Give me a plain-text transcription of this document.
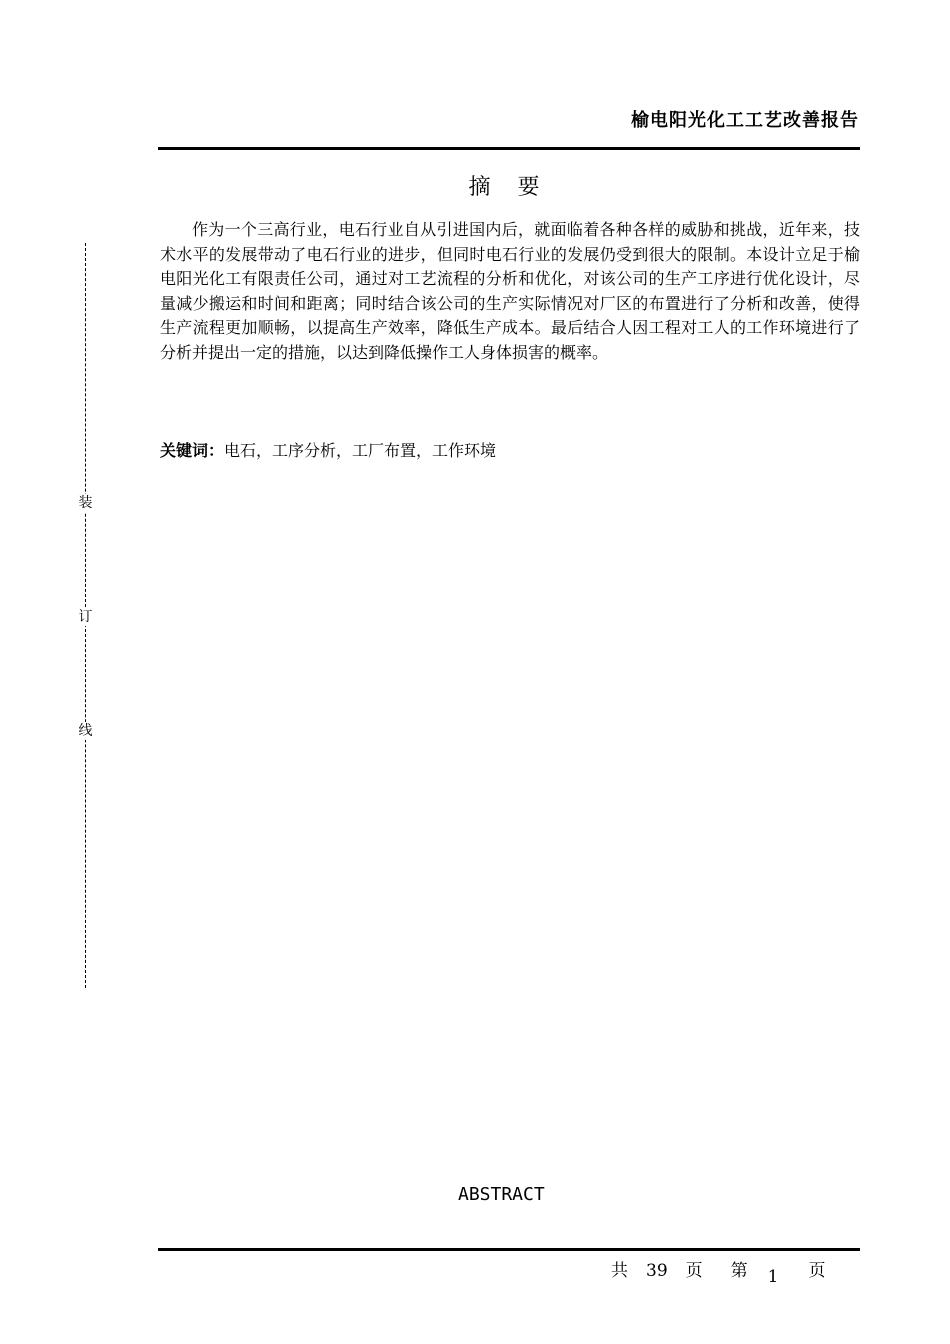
榆电阳光化工工艺改善报告
摘 要

作为一个三高行业，电石行业自从引进国内后，就面临着各种各样的威胁和挑战，近年来，技术水平的发展带动了电石行业的进步，但同时电石行业的发展仍受到很大的限制。本设计立足于榆电阳光化工有限责任公司，通过对工艺流程的分析和优化，对该公司的生产工序进行优化设计，尽量减少搬运和时间和距离；同时结合该公司的生产实际情况对厂区的布置进行了分析和改善，使得生产流程更加顺畅，以提高生产效率，降低生产成本。最后结合人因工程对工人的工作环境进行了分析并提出一定的措施，以达到降低操作工人身体损害的概率。

关键词：电石，工序分析，工厂布置，工作环境
装
订
线
ABSTRACT
共 39 页 第 1 页
